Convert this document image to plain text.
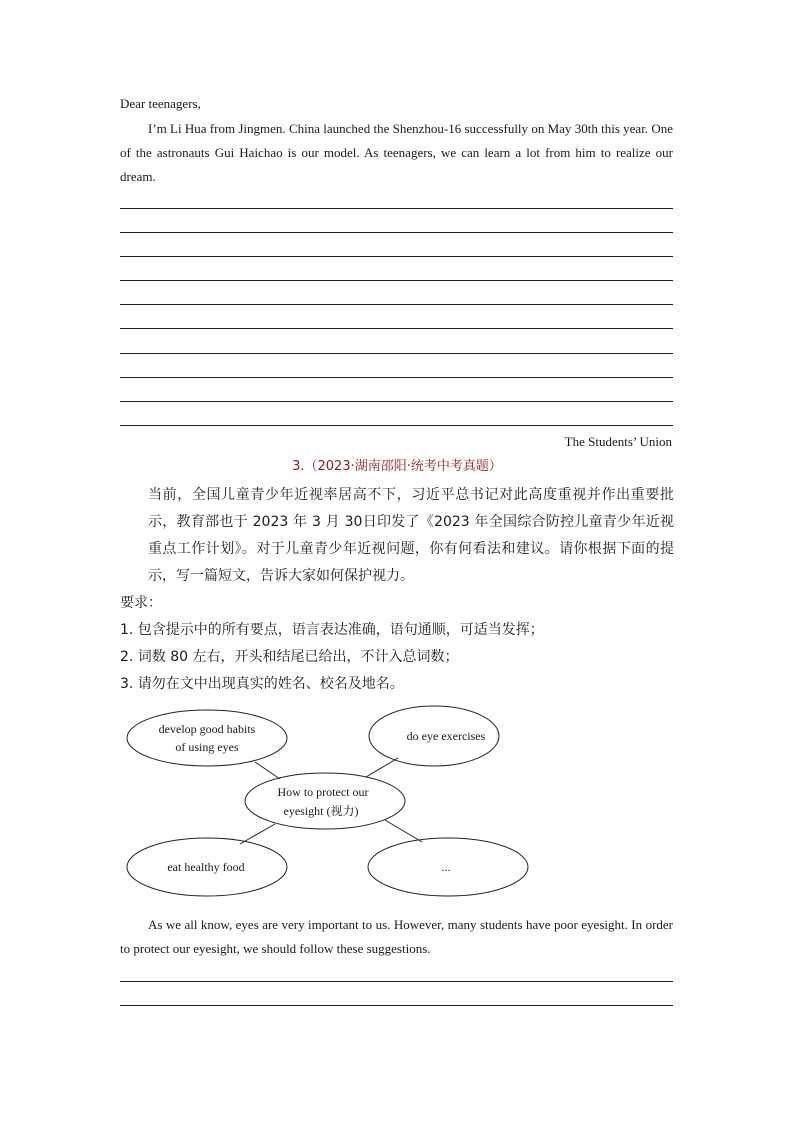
Dear teenagers,
I’m Li Hua from Jingmen. China launched the Shenzhou-16 successfully on May 30th this year. One of the astronauts Gui Haichao is our model. As teenagers, we can learn a lot from him to realize our dream.
The Students’ Union
3.（2023·湖南邵阳·统考中考真题）
当前，全国儿童青少年近视率居高不下，习近平总书记对此高度重视并作出重要批示，教育部也于 2023 年 3 月 30日印发了《2023 年全国综合防控儿童青少年近视重点工作计划》。对于儿童青少年近视问题，你有何看法和建议。请你根据下面的提示，写一篇短文，告诉大家如何保护视力。
要求：
1. 包含提示中的所有要点，语言表达准确，语句通顺，可适当发挥；
2. 词数 80 左右，开头和结尾已给出，不计入总词数；
3. 请勿在文中出现真实的姓名、校名及地名。
develop good habits
of using eyes
do eye exercises
How to protect our
eyesight (视力)
eat healthy food	...
As we all know, eyes are very important to us. However, many students have poor eyesight. In order to protect our eyesight, we should follow these suggestions.
